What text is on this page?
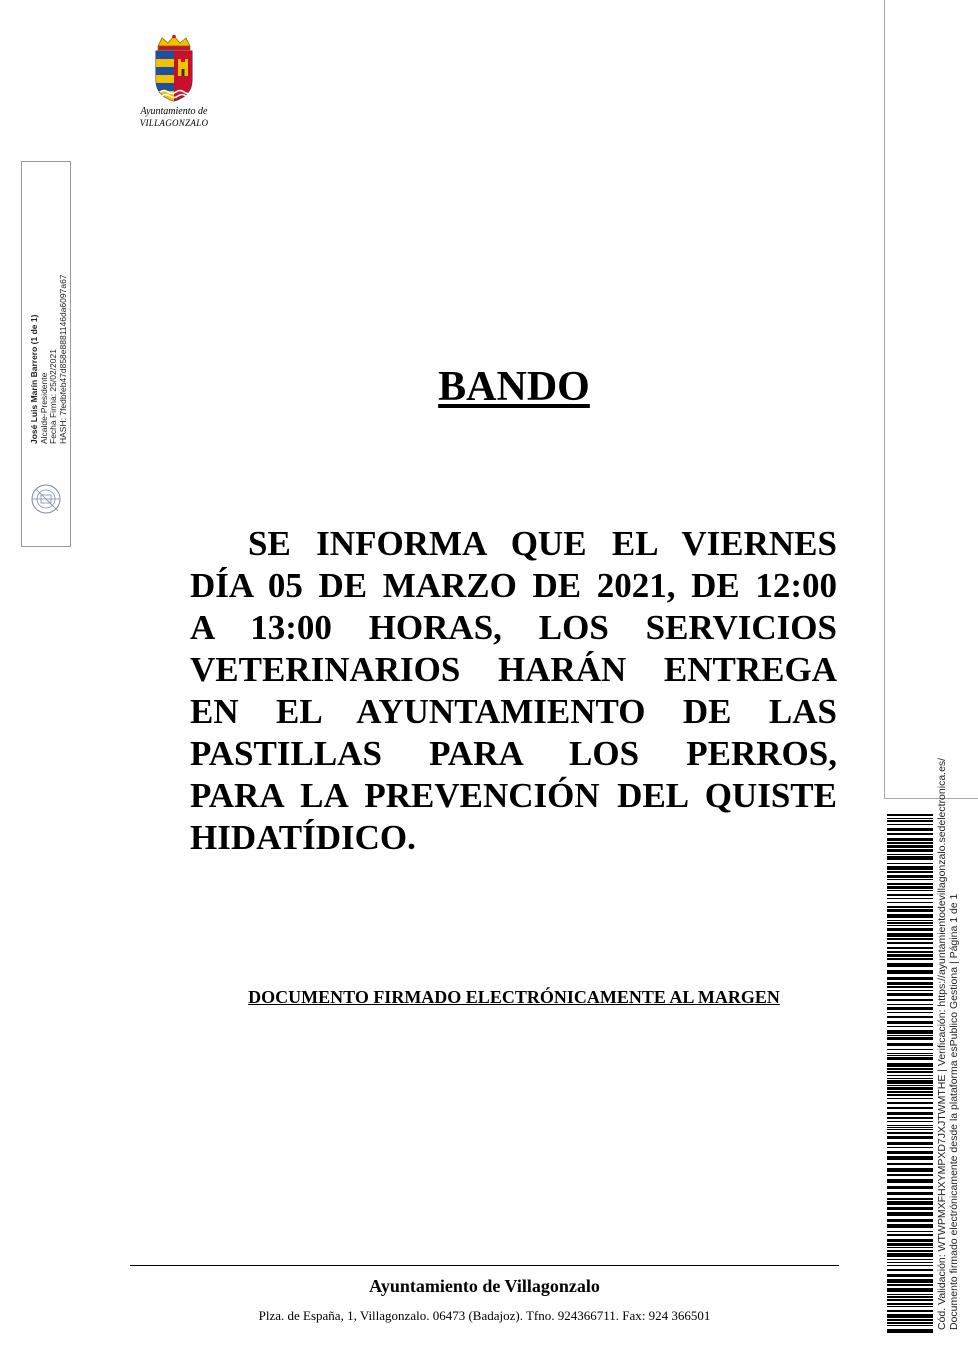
Ayuntamiento de
VILLAGONZALO
José Luis Marín Barrero (1 de 1) Alcalde-Presidente Fecha Firma: 25/02/2021 HASH: 7fedbfeb47d858e8881146da6097a67	BANDO
SE INFORMA QUE EL VIERNES
DÍA 05 DE MARZO DE 2021, DE 12:00
A 13:00 HORAS, LOS SERVICIOS
VETERINARIOS HARÁN ENTREGA
EN EL AYUNTAMIENTO DE LAS
PASTILLAS PARA LOS PERROS,
PARA LA PREVENCIÓN DEL QUISTE
HIDATÍDICO.
DOCUMENTO FIRMADO ELECTRÓNICAMENTE AL MARGEN
Ayuntamiento de Villagonzalo
Plza. de España, 1, Villagonzalo. 06473 (Badajoz). Tfno. 924366711. Fax: 924 366501	Cód. Validación: WTWPMXFHXYMPXD7JXJTWMTHE | Verificación: https://ayuntamientodevillagonzalo.sedelectronica.es/ Documento firmado electrónicamente desde la plataforma esPublico Gestiona | Página 1 de 1
